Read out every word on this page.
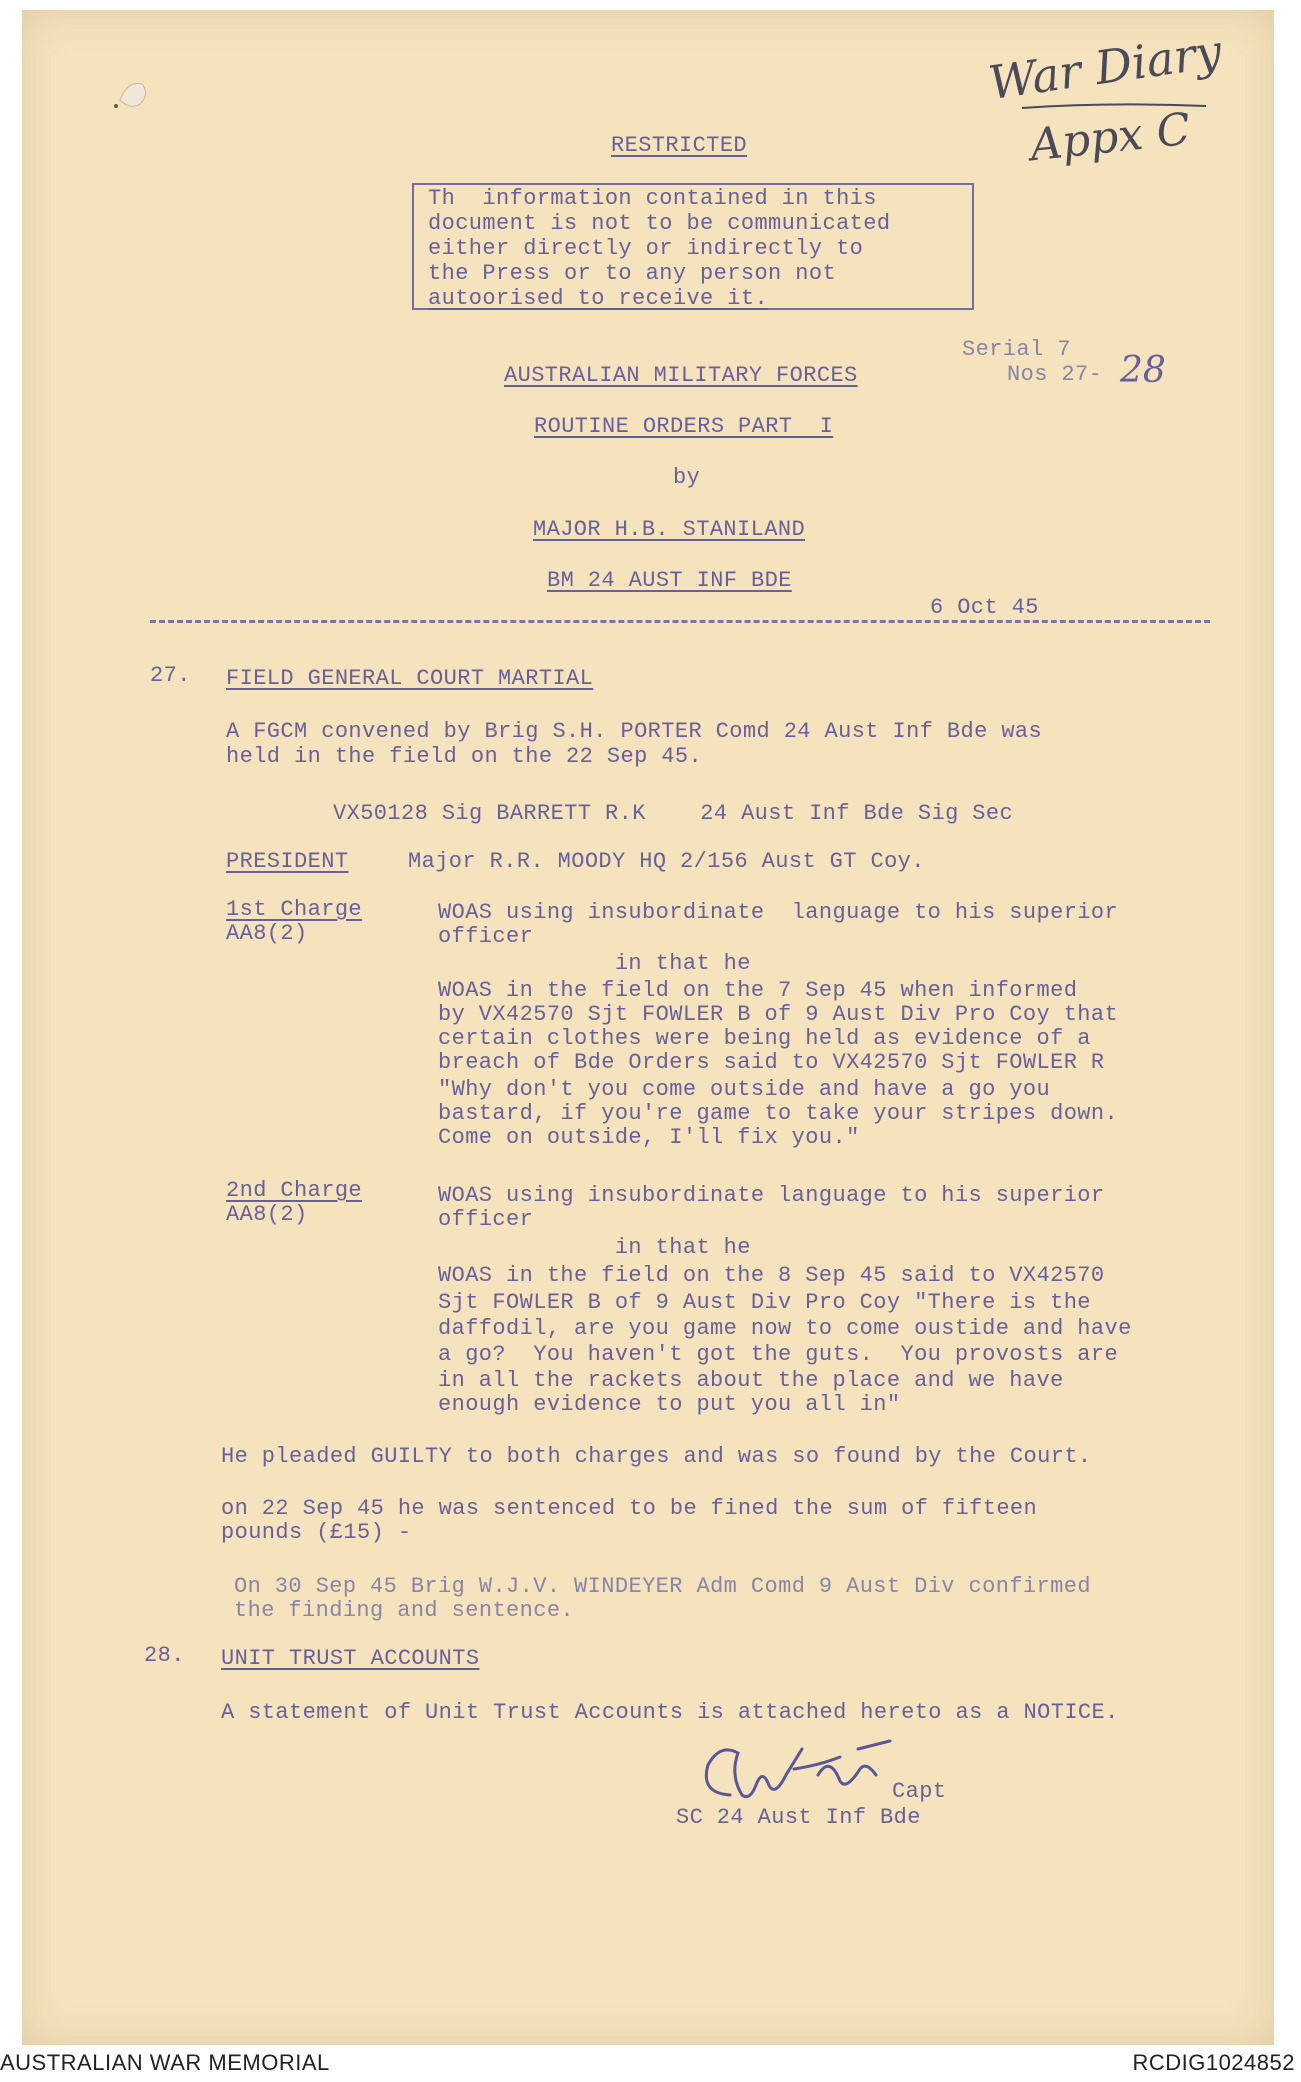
War Diary
Appx C
RESTRICTED
Th  information contained in this
document is not to be communicated
either directly or indirectly to
the Press or to any person not
autoorised to receive it.
Serial 7
Nos 27- 28
AUSTRALIAN MILITARY FORCES
ROUTINE ORDERS PART  I
by
MAJOR H.B. STANILAND
BM 24 AUST INF BDE
6 Oct 45
27. FIELD GENERAL COURT MARTIAL
A FGCM convened by Brig S.H. PORTER Comd 24 Aust Inf Bde was
held in the field on the 22 Sep 45.
VX50128 Sig BARRETT R.K    24 Aust Inf Bde Sig Sec
PRESIDENT	Major R.R. MOODY HQ 2/156 Aust GT Coy.
1st Charge
AA8(2)
WOAS using insubordinate  language to his superior
officer
in that he
WOAS in the field on the 7 Sep 45 when informed
by VX42570 Sjt FOWLER B of 9 Aust Div Pro Coy that
certain clothes were being held as evidence of a
breach of Bde Orders said to VX42570 Sjt FOWLER R
"Why don't you come outside and have a go you
bastard, if you're game to take your stripes down.
Come on outside, I'll fix you."
2nd Charge
AA8(2)
WOAS using insubordinate language to his superior
officer
in that he
WOAS in the field on the 8 Sep 45 said to VX42570
Sjt FOWLER B of 9 Aust Div Pro Coy "There is the
daffodil, are you game now to come oustide and have
a go?  You haven't got the guts.  You provosts are
in all the rackets about the place and we have
enough evidence to put you all in"
He pleaded GUILTY to both charges and was so found by the Court.
on 22 Sep 45 he was sentenced to be fined the sum of fifteen
pounds (£15) -
On 30 Sep 45 Brig W.J.V. WINDEYER Adm Comd 9 Aust Div confirmed
the finding and sentence.
28. UNIT TRUST ACCOUNTS
A statement of Unit Trust Accounts is attached hereto as a NOTICE.
Capt
SC 24 Aust Inf Bde
AUSTRALIAN WAR MEMORIAL	RCDIG1024852
